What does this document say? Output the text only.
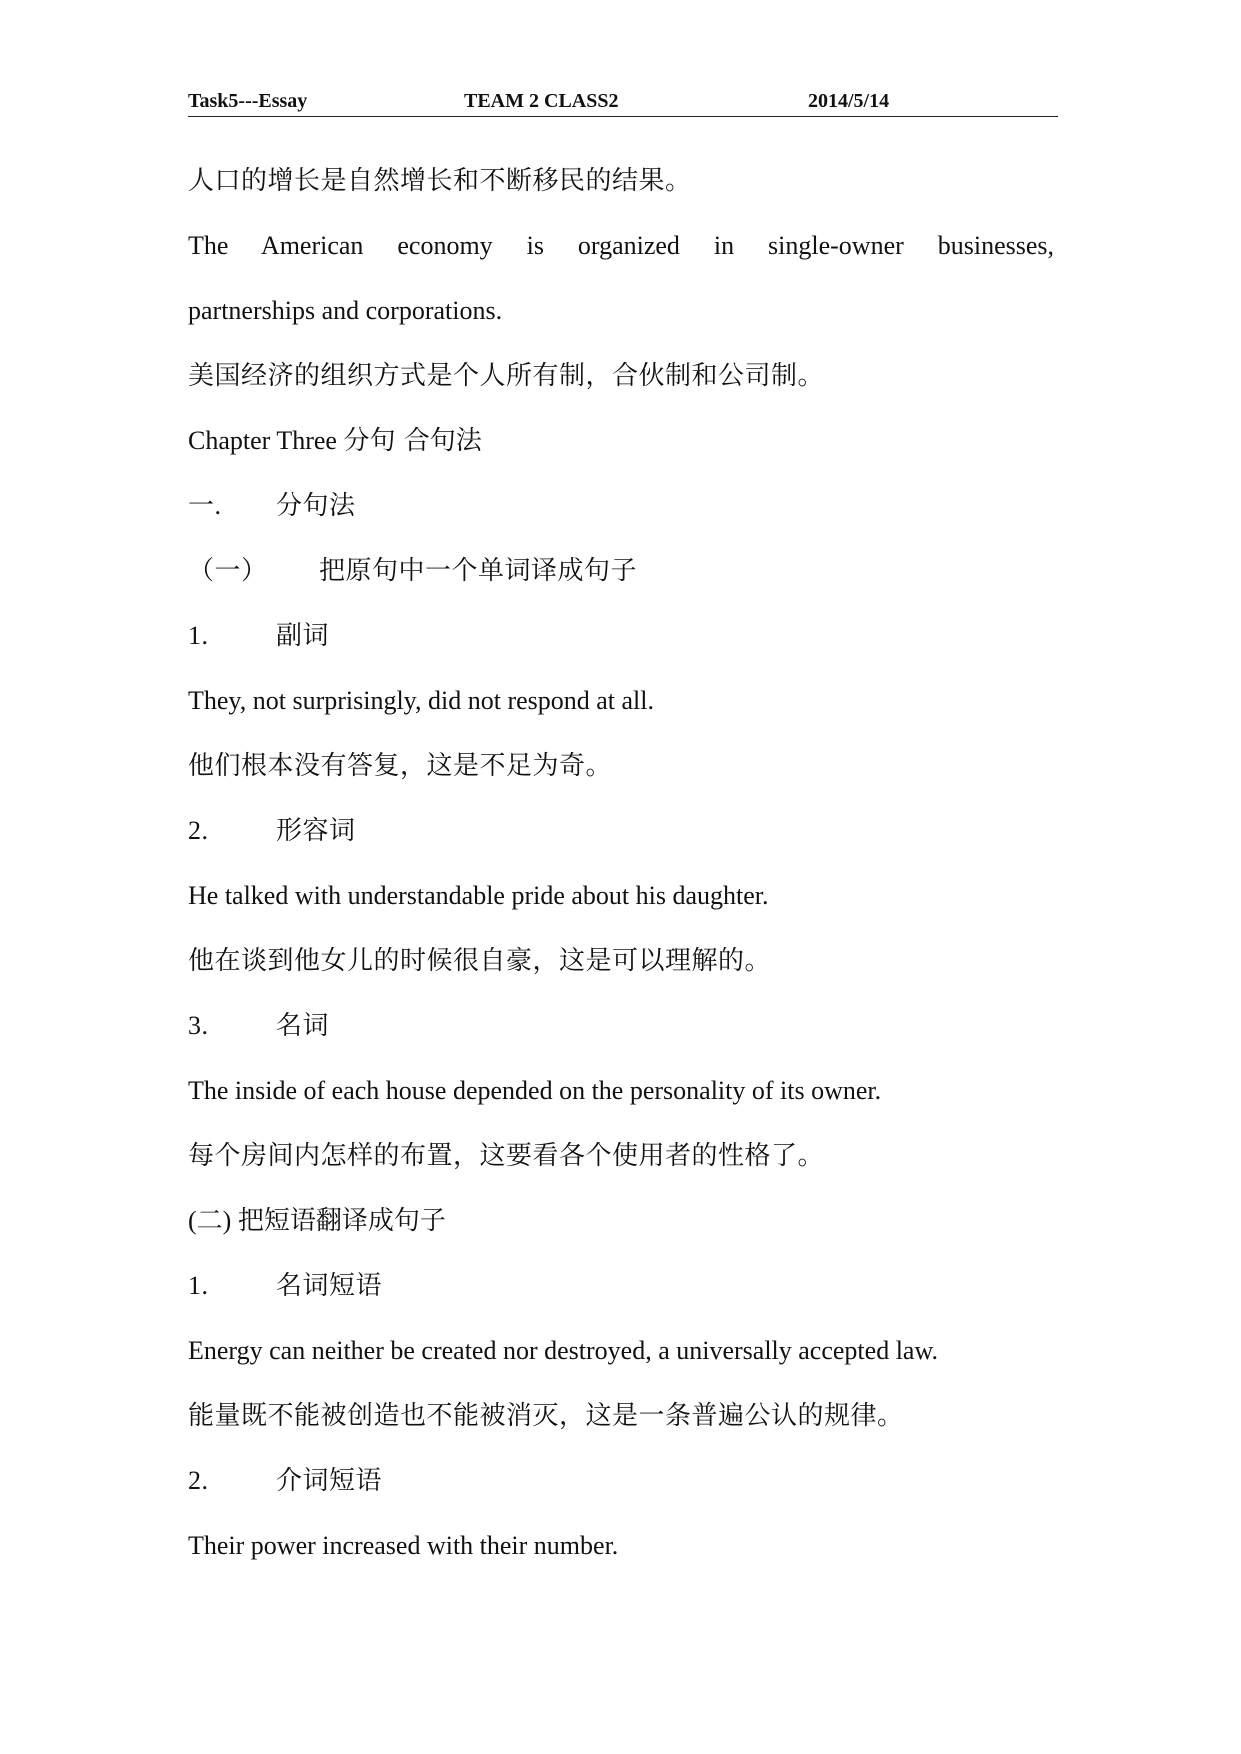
Task5---Essay	TEAM 2 CLASS2	2014/5/14
人口的增长是自然增长和不断移民的结果。
The American economy is organized in single-owner businesses,
partnerships and corporations.
美国经济的组织方式是个人所有制，合伙制和公司制。
Chapter Three 分句 合句法
一. 分句法
（一） 把原句中一个单词译成句子
1.	副词
They, not surprisingly, did not respond at all.
他们根本没有答复，这是不足为奇。
2.	形容词
He talked with understandable pride about his daughter.
他在谈到他女儿的时候很自豪，这是可以理解的。
3.	名词
The inside of each house depended on the personality of its owner.
每个房间内怎样的布置，这要看各个使用者的性格了。
(二) 把短语翻译成句子
1.	名词短语
Energy can neither be created nor destroyed, a universally accepted law.
能量既不能被创造也不能被消灭，这是一条普遍公认的规律。
2.	介词短语
Their power increased with their number.
